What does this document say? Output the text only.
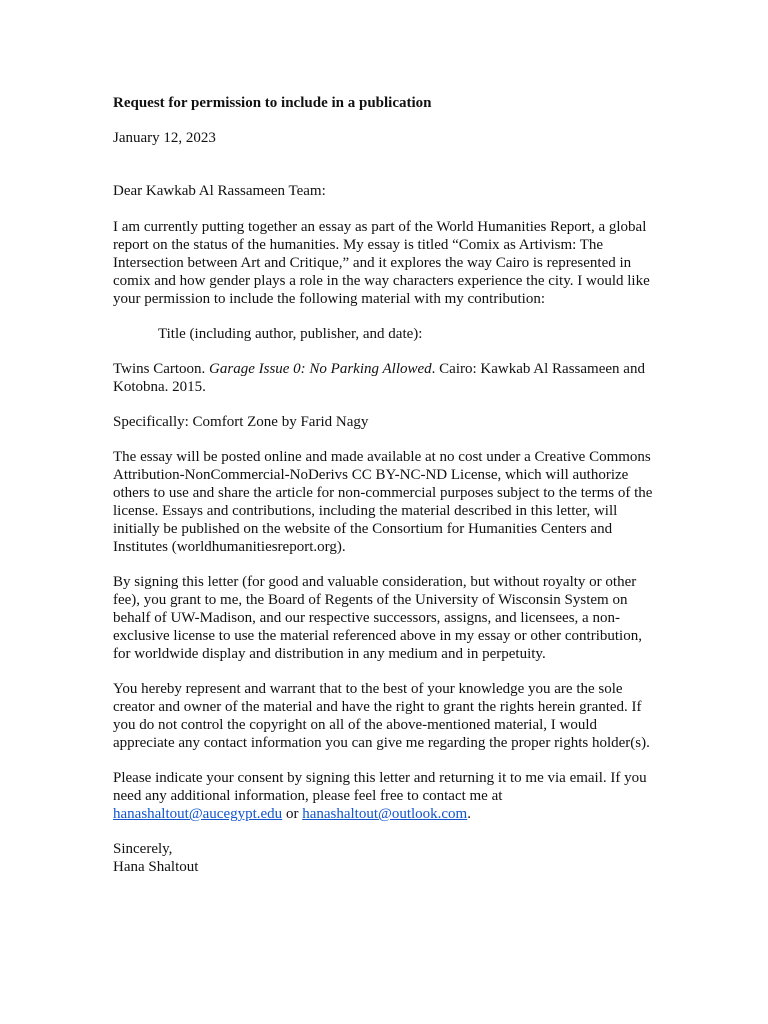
Request for permission to include in a publication

January 12, 2023

Dear Kawkab Al Rassameen Team:

I am currently putting together an essay as part of the World Humanities Report, a global report on the status of the humanities. My essay is titled “Comix as Artivism: The Intersection between Art and Critique,” and it explores the way Cairo is represented in comix and how gender plays a role in the way characters experience the city. I would like your permission to include the following material with my contribution:

Title (including author, publisher, and date):

Twins Cartoon. Garage Issue 0: No Parking Allowed. Cairo: Kawkab Al Rassameen and Kotobna. 2015.

Specifically: Comfort Zone by Farid Nagy

The essay will be posted online and made available at no cost under a Creative Commons Attribution-NonCommercial-NoDerivs CC BY-NC-ND License, which will authorize others to use and share the article for non-commercial purposes subject to the terms of the license. Essays and contributions, including the material described in this letter, will initially be published on the website of the Consortium for Humanities Centers and Institutes (worldhumanitiesreport.org).

By signing this letter (for good and valuable consideration, but without royalty or other fee), you grant to me, the Board of Regents of the University of Wisconsin System on behalf of UW-Madison, and our respective successors, assigns, and licensees, a non-exclusive license to use the material referenced above in my essay or other contribution, for worldwide display and distribution in any medium and in perpetuity.

You hereby represent and warrant that to the best of your knowledge you are the sole creator and owner of the material and have the right to grant the rights herein granted. If you do not control the copyright on all of the above-mentioned material, I would appreciate any contact information you can give me regarding the proper rights holder(s).

Please indicate your consent by signing this letter and returning it to me via email. If you need any additional information, please feel free to contact me at hanashaltout@aucegypt.edu or hanashaltout@outlook.com.

Sincerely,

Hana Shaltout
